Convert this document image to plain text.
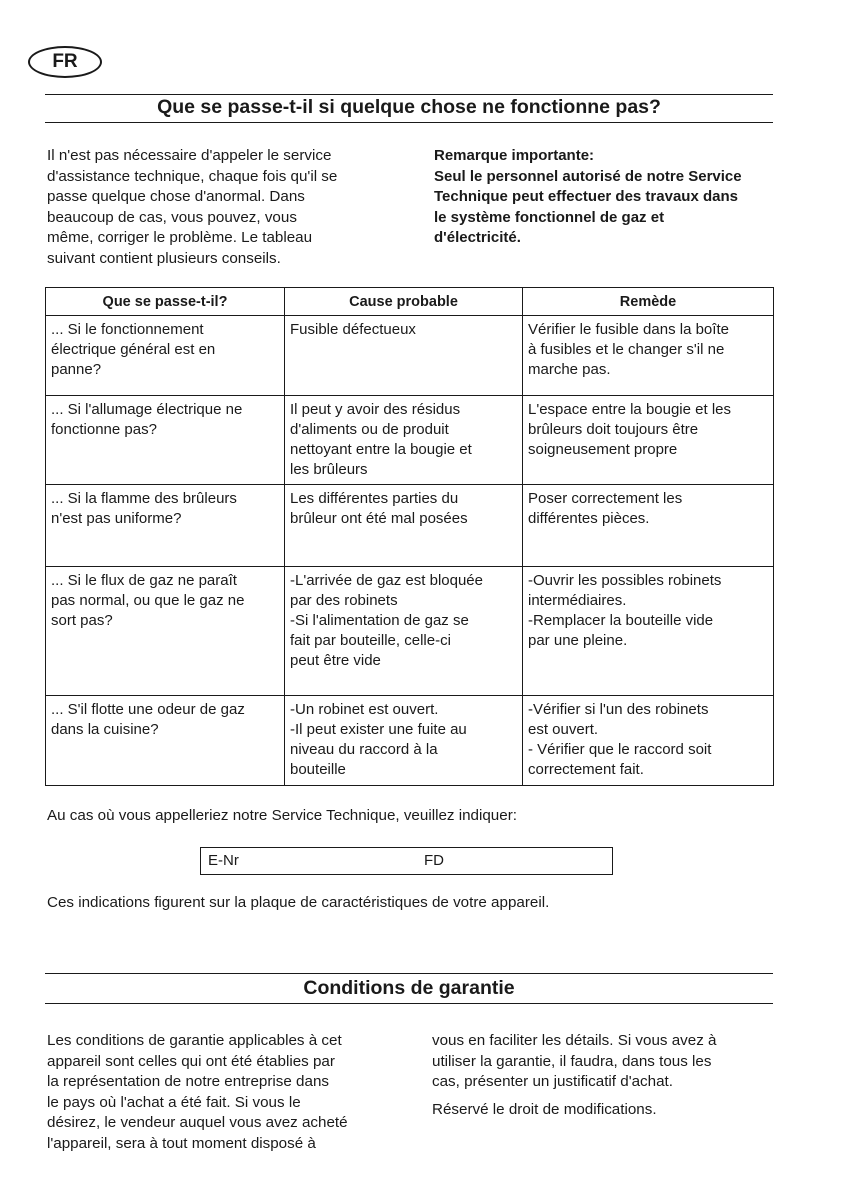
FR
Que se passe-t-il si quelque chose ne fonctionne pas?
Il n'est pas nécessaire d'appeler le service
d'assistance technique, chaque fois qu'il se
passe quelque chose d'anormal. Dans
beaucoup de cas, vous pouvez, vous
même, corriger le problème. Le tableau
suivant contient plusieurs conseils.
Remarque importante:
Seul le personnel autorisé de notre Service
Technique peut effectuer des travaux dans
le système fonctionnel de gaz et
d'électricité.
Que se passe-t-il?	Cause probable	Remède
... Si le fonctionnement
électrique général est en
panne?	Fusible défectueux	Vérifier le fusible dans la boîte
à fusibles et le changer s'il ne
marche pas.
... Si l'allumage électrique ne
fonctionne pas?	Il peut y avoir des résidus
d'aliments ou de produit
nettoyant entre la bougie et
les brûleurs	L'espace entre la bougie et les
brûleurs doit toujours être
soigneusement propre
... Si la flamme des brûleurs
n'est pas uniforme?	Les différentes parties du
brûleur ont été mal posées	Poser correctement les
différentes pièces.
... Si le flux de gaz ne paraît
pas normal, ou que le gaz ne
sort pas?	-L'arrivée de gaz est bloquée
par des robinets
-Si l'alimentation de gaz se
fait par bouteille, celle-ci
peut être vide	-Ouvrir les possibles robinets
intermédiaires.
-Remplacer la bouteille vide
par une pleine.
... S'il flotte une odeur de gaz
dans la cuisine?	-Un robinet est ouvert.
-Il peut exister une fuite au
niveau du raccord à la
bouteille	-Vérifier si l'un des robinets
est ouvert.
- Vérifier que le raccord soit
correctement fait.
Au cas où vous appelleriez notre Service Technique, veuillez indiquer:
E-Nr	FD
Ces indications figurent sur la plaque de caractéristiques de votre appareil.
Conditions de garantie
Les conditions de garantie applicables à cet
appareil sont celles qui ont été établies par
la représentation de notre entreprise dans
le pays où l'achat a été fait. Si vous le
désirez, le vendeur auquel vous avez acheté
l'appareil, sera à tout moment disposé à
vous en faciliter les détails. Si vous avez à
utiliser la garantie, il faudra, dans tous les
cas, présenter un justificatif d'achat.
Réservé le droit de modifications.
